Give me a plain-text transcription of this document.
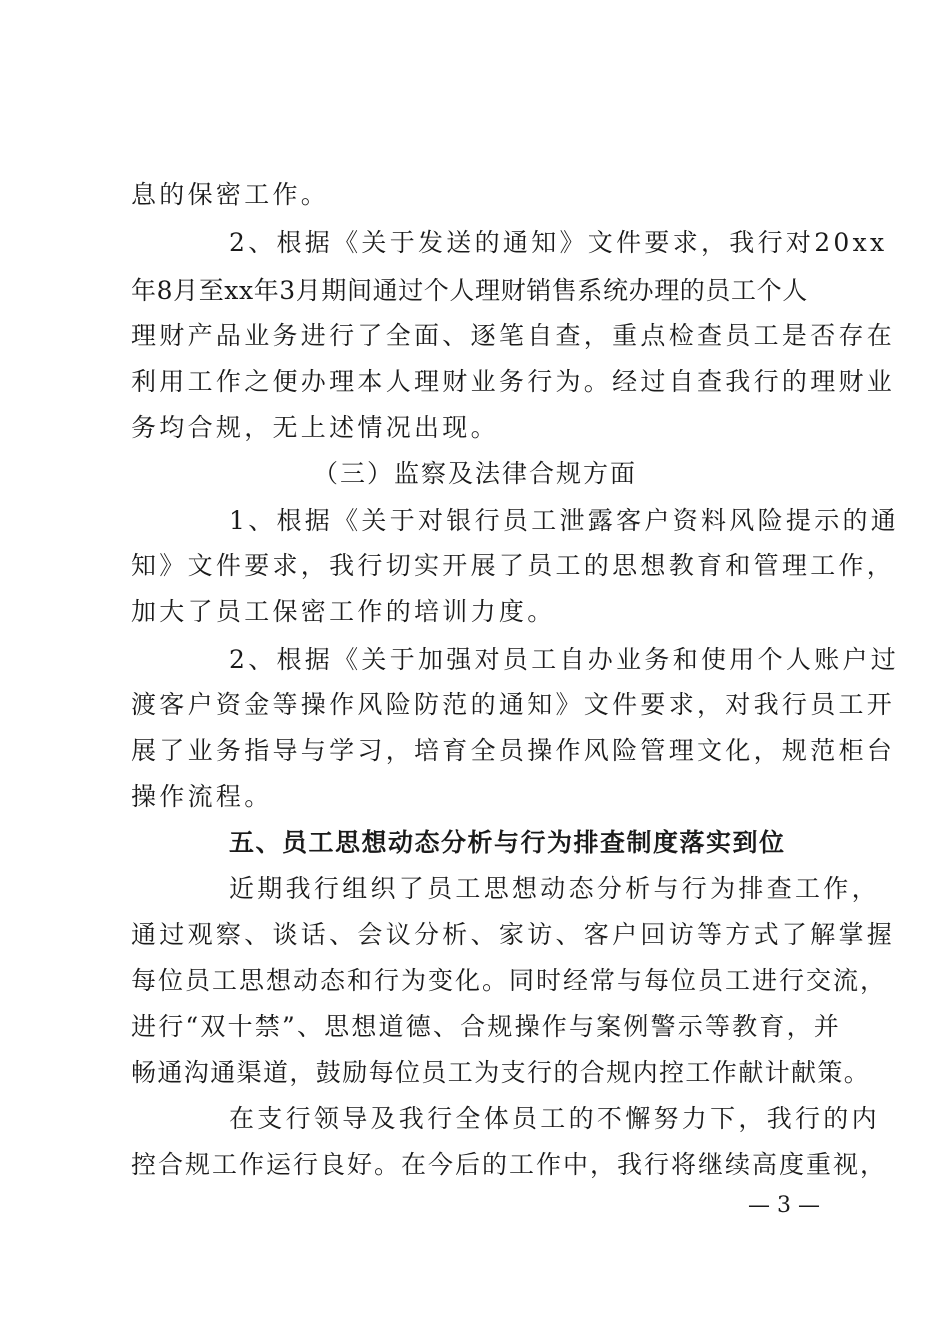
息的保密工作。
2、根据《关于发送的通知》文件要求，我行对20xx
年8月至xx年3月期间通过个人理财销售系统办理的员工个人
理财产品业务进行了全面、逐笔自查，重点检查员工是否存在
利用工作之便办理本人理财业务行为。经过自查我行的理财业
务均合规，无上述情况出现。
（三）监察及法律合规方面
1、根据《关于对银行员工泄露客户资料风险提示的通
知》文件要求，我行切实开展了员工的思想教育和管理工作，
加大了员工保密工作的培训力度。
2、根据《关于加强对员工自办业务和使用个人账户过
渡客户资金等操作风险防范的通知》文件要求，对我行员工开
展了业务指导与学习，培育全员操作风险管理文化，规范柜台
操作流程。
五、员工思想动态分析与行为排查制度落实到位
近期我行组织了员工思想动态分析与行为排查工作，
通过观察、谈话、会议分析、家访、客户回访等方式了解掌握
每位员工思想动态和行为变化。同时经常与每位员工进行交流，
进行“双十禁”、思想道德、合规操作与案例警示等教育，并
畅通沟通渠道，鼓励每位员工为支行的合规内控工作献计献策。
在支行领导及我行全体员工的不懈努力下，我行的内
控合规工作运行良好。在今后的工作中，我行将继续高度重视，
— 3 —
